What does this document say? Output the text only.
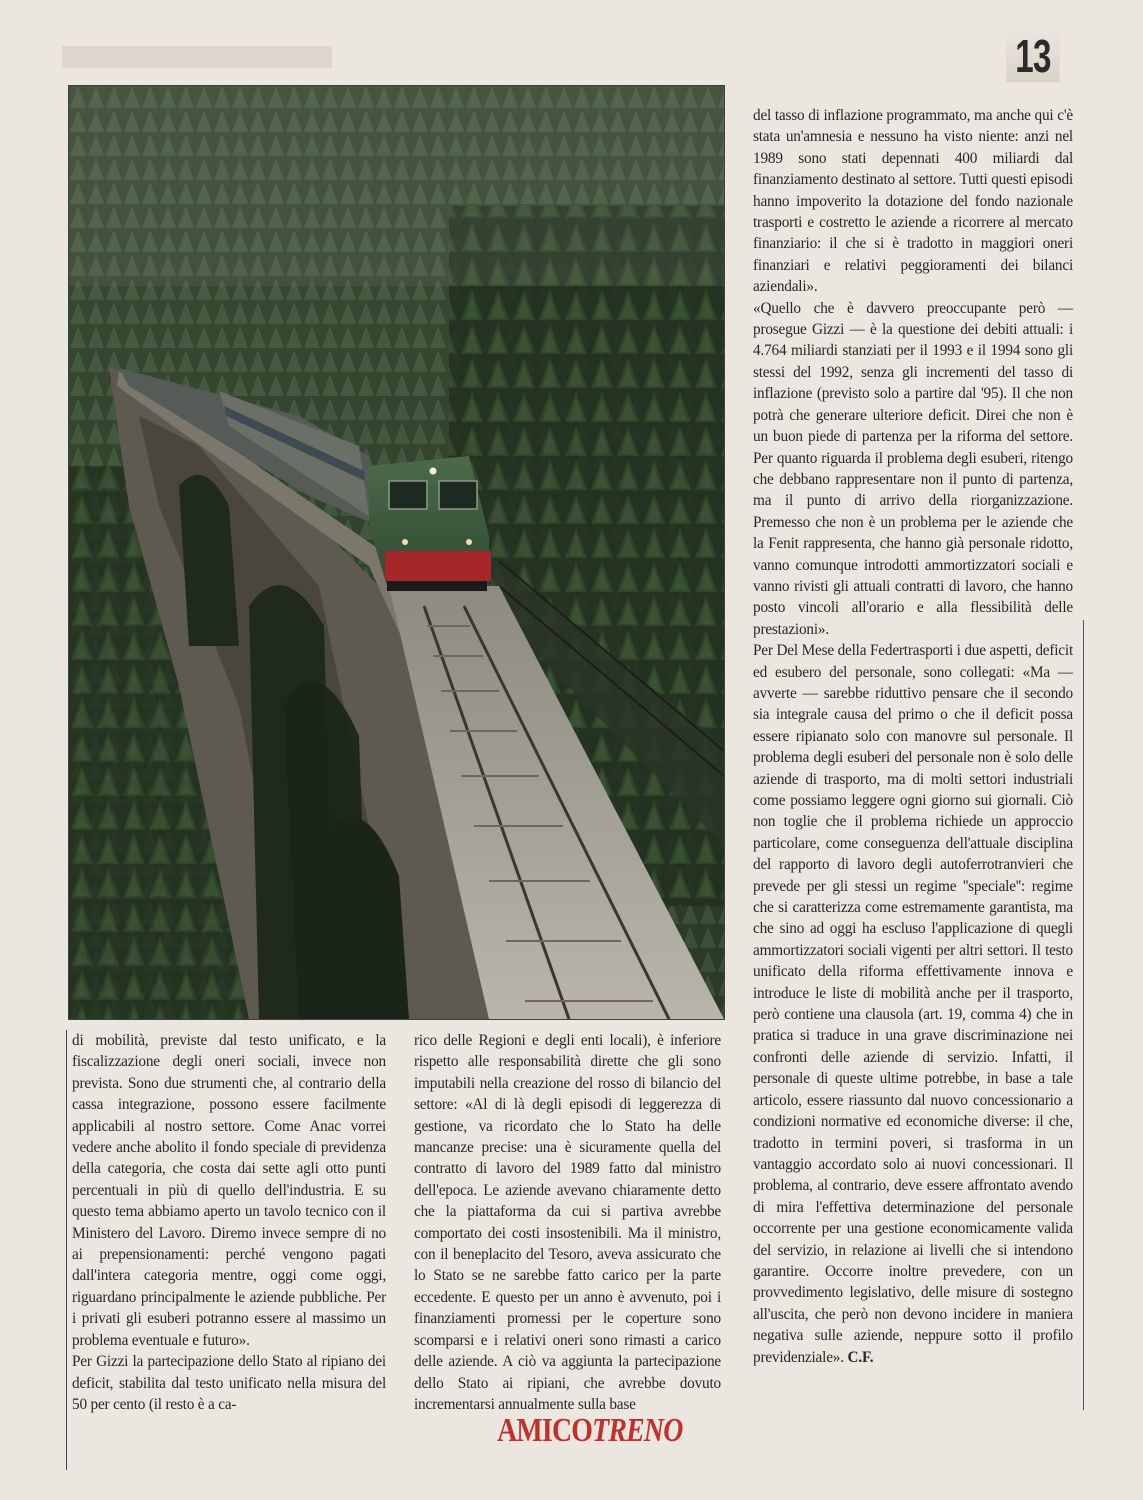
13

del tasso di inflazione programmato, ma anche qui c'è stata un'amnesia e nessuno ha visto niente: anzi nel 1989 sono stati depennati 400 miliardi dal finanziamento destinato al settore. Tutti questi episodi hanno impoverito la dotazione del fondo nazionale trasporti e costretto le aziende a ricorrere al mercato finanziario: il che si è tradotto in maggiori oneri finanziari e relativi peggioramenti dei bilanci aziendali».

«Quello che è davvero preoccupante però — prosegue Gizzi — è la questione dei debiti attuali: i 4.764 miliardi stanziati per il 1993 e il 1994 sono gli stessi del 1992, senza gli incrementi del tasso di inflazione (previsto solo a partire dal '95). Il che non potrà che generare ulteriore deficit. Direi che non è un buon piede di partenza per la riforma del settore. Per quanto riguarda il problema degli esuberi, ritengo che debbano rappresentare non il punto di partenza, ma il punto di arrivo della riorganizzazione. Premesso che non è un problema per le aziende che la Fenit rappresenta, che hanno già personale ridotto, vanno comunque introdotti ammortizzatori sociali e vanno rivisti gli attuali contratti di lavoro, che hanno posto vincoli all'orario e alla flessibilità delle prestazioni».

Per Del Mese della Federtrasporti i due aspetti, deficit ed esubero del personale, sono collegati: «Ma — avverte — sarebbe riduttivo pensare che il secondo sia integrale causa del primo o che il deficit possa essere ripianato solo con manovre sul personale. Il problema degli esuberi del personale non è solo delle aziende di trasporto, ma di molti settori industriali come possiamo leggere ogni giorno sui giornali. Ciò non toglie che il problema richiede un approccio particolare, come conseguenza dell'attuale disciplina del rapporto di lavoro degli autoferrotranvieri che prevede per gli stessi un regime ''speciale'': regime che si caratterizza come estremamente garantista, ma che sino ad oggi ha escluso l'applicazione di quegli ammortizzatori sociali vigenti per altri settori. Il testo unificato della riforma effettivamente innova e introduce le liste di mobilità anche per il trasporto, però contiene una clausola (art. 19, comma 4) che in pratica si traduce in una grave discriminazione nei confronti delle aziende di servizio. Infatti, il personale di queste ultime potrebbe, in base a tale articolo, essere riassunto dal nuovo concessionario a condizioni normative ed economiche diverse: il che, tradotto in termini poveri, si trasforma in un vantaggio accordato solo ai nuovi concessionari. Il problema, al contrario, deve essere affrontato avendo di mira l'effettiva determinazione del personale occorrente per una gestione economicamente valida del servizio, in relazione ai livelli che si intendono garantire. Occorre inoltre prevedere, con un provvedimento legislativo, delle misure di sostegno all'uscita, che però non devono incidere in maniera negativa sulle aziende, neppure sotto il profilo previdenziale». C.F.

di mobilità, previste dal testo unificato, e la fiscalizzazione degli oneri sociali, invece non prevista. Sono due strumenti che, al contrario della cassa integrazione, possono essere facilmente applicabili al nostro settore. Come Anac vorrei vedere anche abolito il fondo speciale di previdenza della categoria, che costa dai sette agli otto punti percentuali in più di quello dell'industria. E su questo tema abbiamo aperto un tavolo tecnico con il Ministero del Lavoro. Diremo invece sempre di no ai prepensionamenti: perché vengono pagati dall'intera categoria mentre, oggi come oggi, riguardano principalmente le aziende pubbliche. Per i privati gli esuberi potranno essere al massimo un problema eventuale e futuro».

Per Gizzi la partecipazione dello Stato al ripiano dei deficit, stabilita dal testo unificato nella misura del 50 per cento (il resto è a ca-

rico delle Regioni e degli enti locali), è inferiore rispetto alle responsabilità dirette che gli sono imputabili nella creazione del rosso di bilancio del settore: «Al di là degli episodi di leggerezza di gestione, va ricordato che lo Stato ha delle mancanze precise: una è sicuramente quella del contratto di lavoro del 1989 fatto dal ministro dell'epoca. Le aziende avevano chiaramente detto che la piattaforma da cui si partiva avrebbe comportato dei costi insostenibili. Ma il ministro, con il beneplacito del Tesoro, aveva assicurato che lo Stato se ne sarebbe fatto carico per la parte eccedente. E questo per un anno è avvenuto, poi i finanziamenti promessi per le coperture sono scomparsi e i relativi oneri sono rimasti a carico delle aziende. A ciò va aggiunta la partecipazione dello Stato ai ripiani, che avrebbe dovuto incrementarsi annualmente sulla base

AMICOTRENO
